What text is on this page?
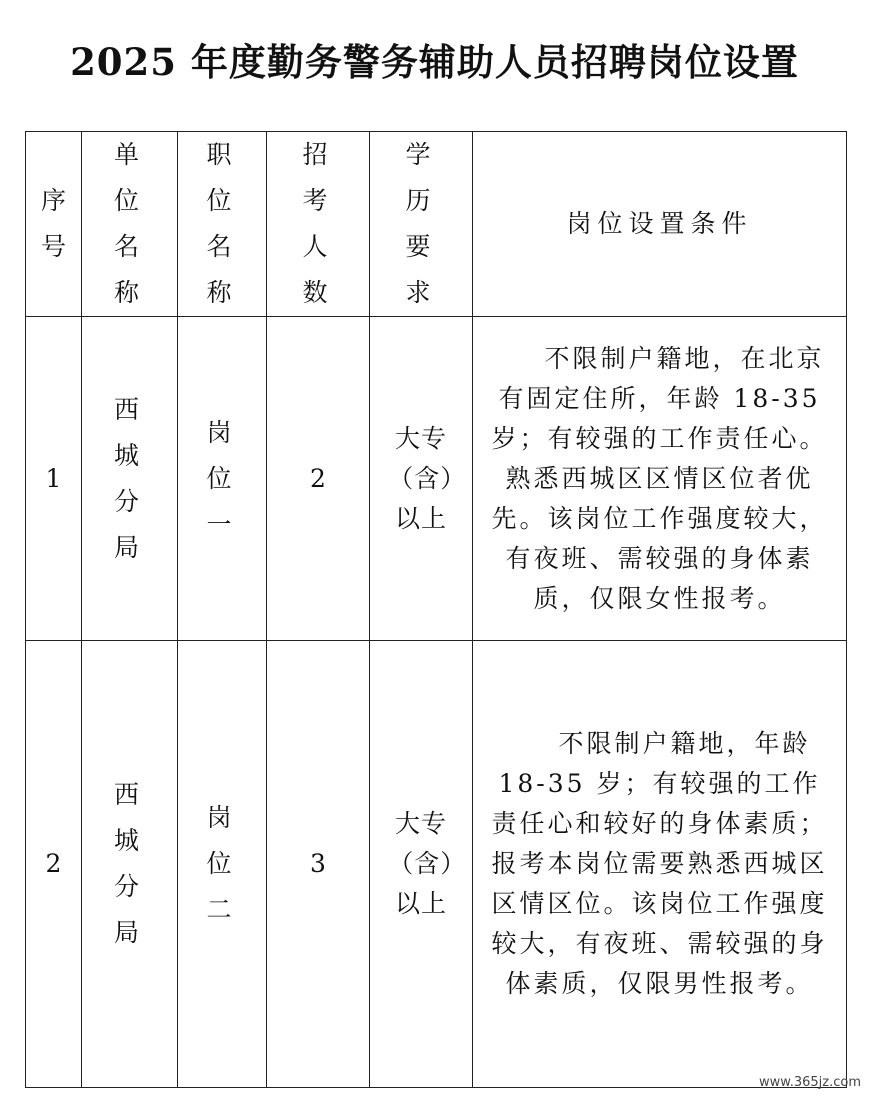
2025 年度勤务警务辅助人员招聘岗位设置
序号	单位名称	职位名称	招考人数	学历要求	岗位设置条件
1	西城分局	岗位一	2	大专（含）以上	不限制户籍地，在北京有固定住所，年龄 18-35 岁；有较强的工作责任心。熟悉西城区区情区位者优先。该岗位工作强度较大，有夜班、需较强的身体素质，仅限女性报考。

2	西城分局	岗位二	3	大专（含）以上	不限制户籍地，年龄 18-35 岁；有较强的工作责任心和较好的身体素质；报考本岗位需要熟悉西城区区情区位。该岗位工作强度较大，有夜班、需较强的身体素质，仅限男性报考。
www.365jz.com
